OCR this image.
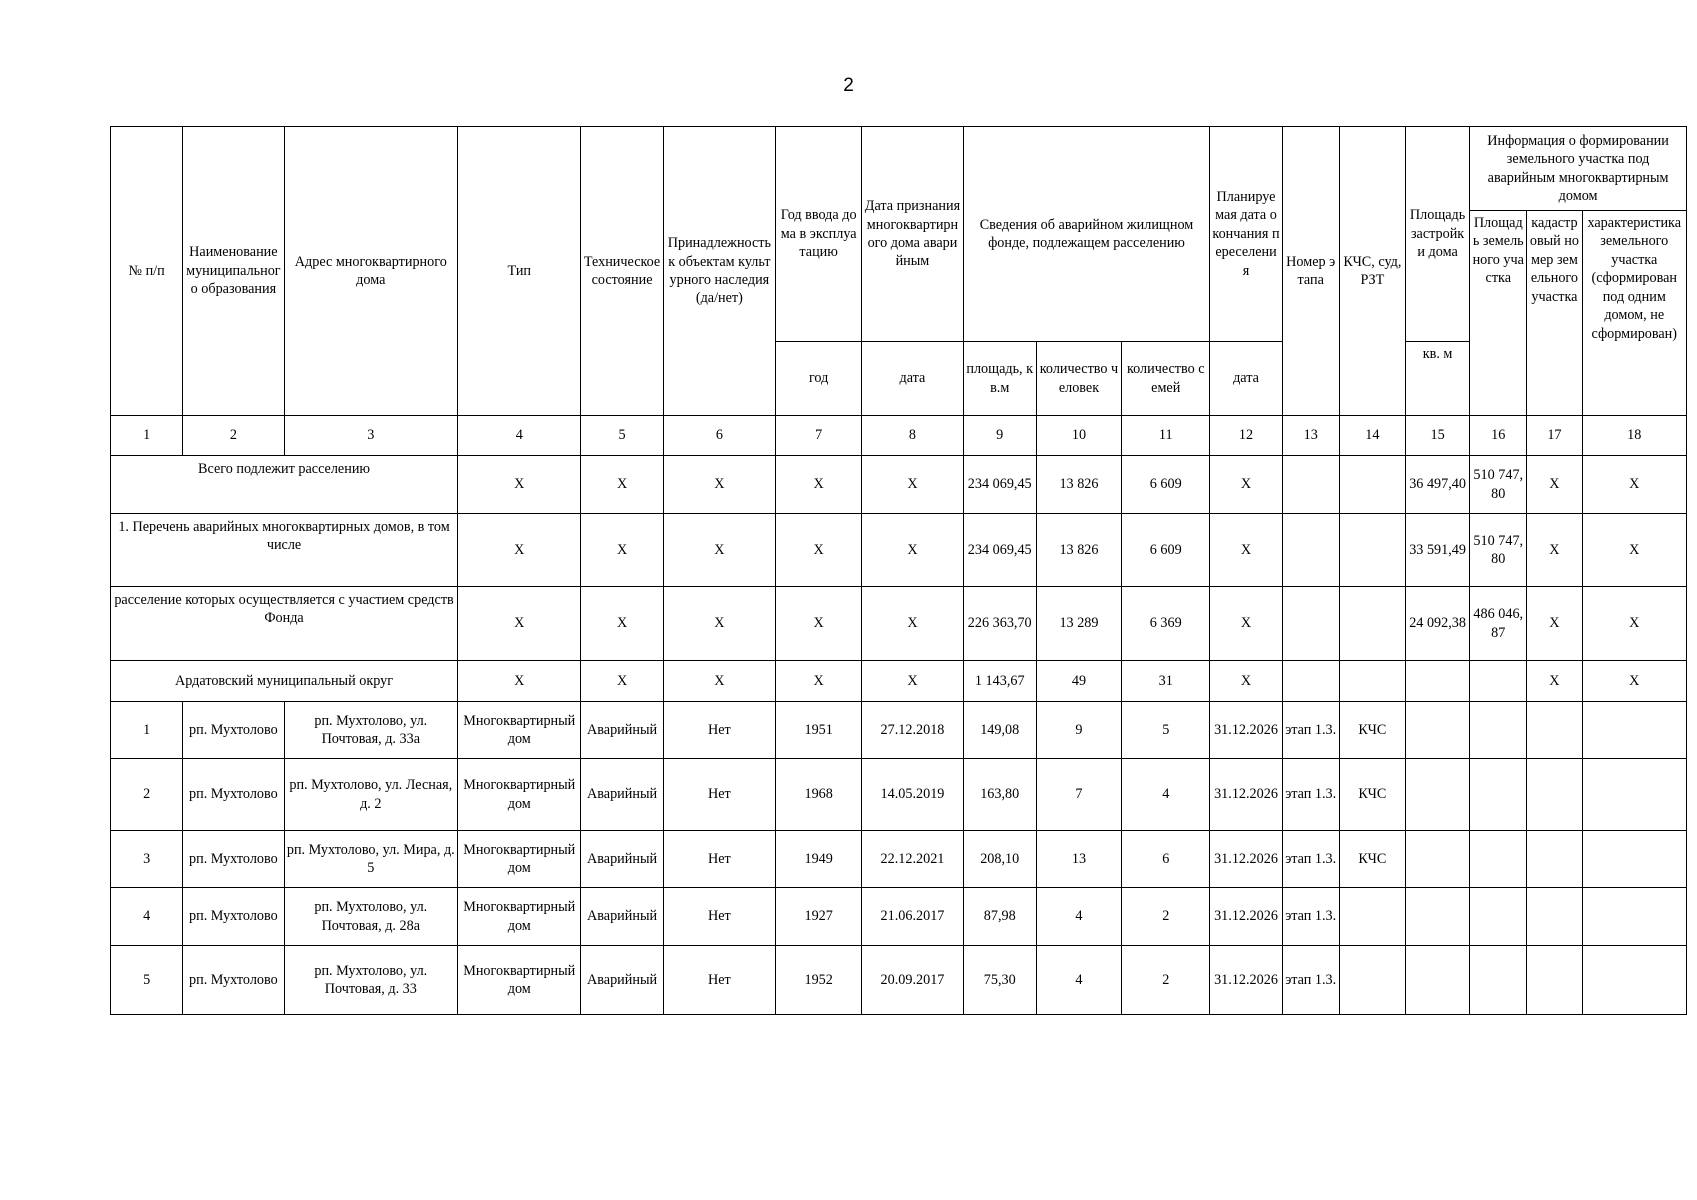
2
№ п/п	Наименование муниципального образования	Адрес многоквартирного дома	Тип	Техническое состояние	Принадлежность к объектам культурного наследия (да/нет)	Год ввода дома в эксплуатацию	Дата признания многоквартирного дома аварийным	Сведения об аварийном жилищном фонде, подлежащем расселению			Планируемая дата окончания переселения	Номер этапа	КЧС, суд, РЗТ	Площадь застройки дома	Информация о формировании земельного участка под аварийным многоквартирным домом		
															Площадь земельного участка	кадастровый номер земельного участка	характеристика земельного участка (сформирован под одним домом, не сформирован)
						год	дата	площадь, кв.м	количество человек	количество семей	дата			кв. м			
1	2	3	4	5	6	7	8	9	10	11	12	13	14	15	16	17	18
Всего подлежит расселению			Х	Х	Х	Х	Х	234 069,45	13 826	6 609	Х			36 497,40	510 747,80	Х	Х
1. Перечень аварийных многоквартирных домов, в том числе			Х	Х	Х	Х	Х	234 069,45	13 826	6 609	Х			33 591,49	510 747,80	Х	Х
расселение которых осуществляется с участием средств Фонда			Х	Х	Х	Х	Х	226 363,70	13 289	6 369	Х			24 092,38	486 046,87	Х	Х
Ардатовский муниципальный округ			Х	Х	Х	Х	Х	1 143,67	49	31	Х					Х	Х
1	рп. Мухтолово	рп. Мухтолово, ул. Почтовая, д. 33а	Многоквартирный дом	Аварийный	Нет	1951	27.12.2018	149,08	9	5	31.12.2026	этап 1.3.	КЧС				
2	рп. Мухтолово	рп. Мухтолово, ул. Лесная, д. 2	Многоквартирный дом	Аварийный	Нет	1968	14.05.2019	163,80	7	4	31.12.2026	этап 1.3.	КЧС				
3	рп. Мухтолово	рп. Мухтолово, ул. Мира, д. 5	Многоквартирный дом	Аварийный	Нет	1949	22.12.2021	208,10	13	6	31.12.2026	этап 1.3.	КЧС				
4	рп. Мухтолово	рп. Мухтолово, ул. Почтовая, д. 28а	Многоквартирный дом	Аварийный	Нет	1927	21.06.2017	87,98	4	2	31.12.2026	этап 1.3.					
5	рп. Мухтолово	рп. Мухтолово, ул. Почтовая, д. 33	Многоквартирный дом	Аварийный	Нет	1952	20.09.2017	75,30	4	2	31.12.2026	этап 1.3.					
